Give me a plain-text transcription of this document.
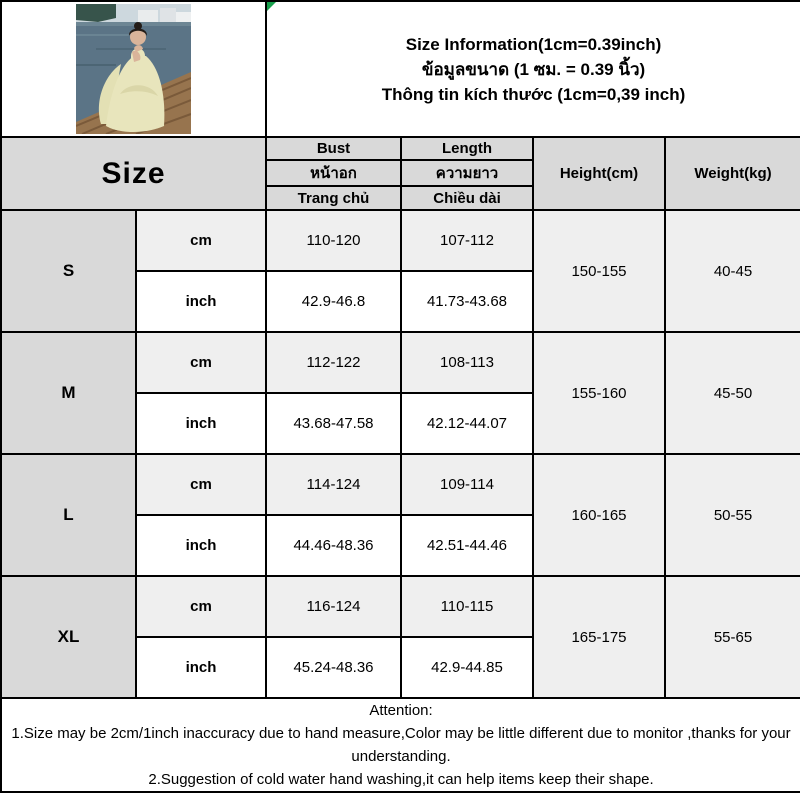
Size Information(1cm=0.39inch)
ข้อมูลขนาด (1 ซม. = 0.39 นิ้ว)
Thông tin kích thước (1cm=0,39 inch)			

Size		Bust	Length	Height(cm)	Weight(kg)
		หน้าอก	ความยาว		
		Trang chủ	Chiều dài		
S	cm	110-120	107-112	150-155	40-45
	inch	42.9-46.8	41.73-43.68		
M	cm	112-122	108-113	155-160	45-50
	inch	43.68-47.58	42.12-44.07		
L	cm	114-124	109-114	160-165	50-55
	inch	44.46-48.36	42.51-44.46		
XL	cm	116-124	110-115	165-175	55-65
	inch	45.24-48.36	42.9-44.85		

Attention:
1.Size may be 2cm/1inch inaccuracy due to hand measure,Color may be little different due to monitor ,thanks for your understanding.
2.Suggestion of cold water hand washing,it can help items keep their shape.					
